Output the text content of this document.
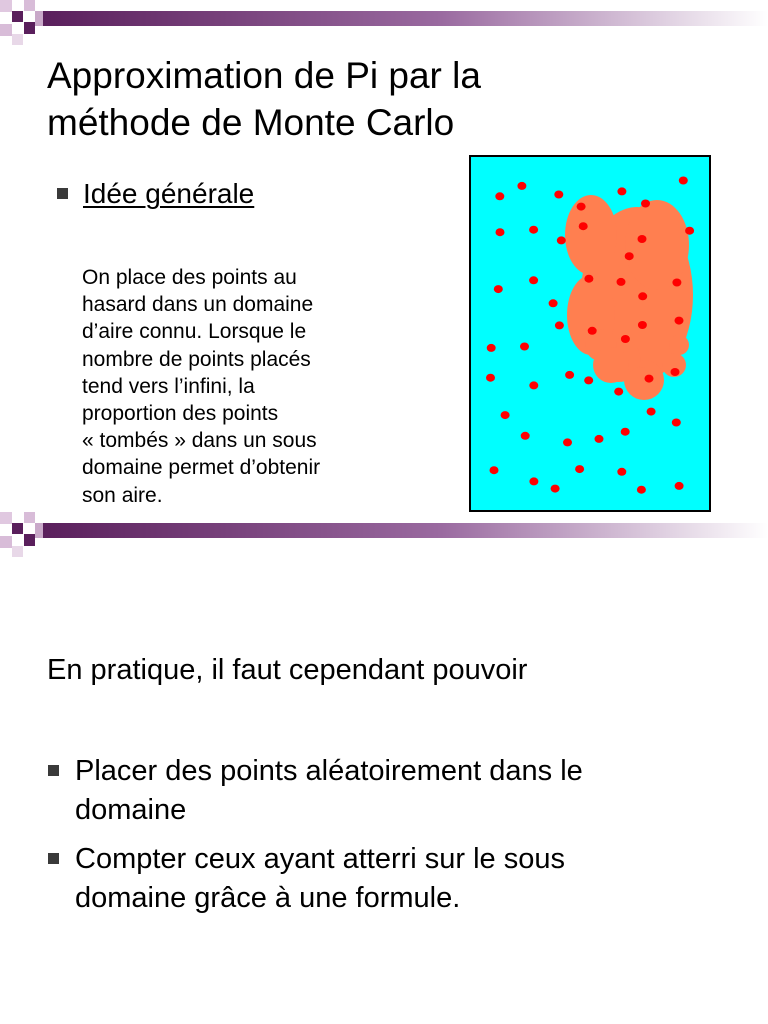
Approximation de Pi par la
méthode de Monte Carlo
Idée générale
On place des points au
hasard dans un domaine
d’aire connu. Lorsque le
nombre de points placés
tend vers l’infini, la
proportion des points
« tombés » dans un sous
domaine permet d’obtenir
son aire.
En pratique, il faut cependant pouvoir
Placer des points aléatoirement dans le
domaine
Compter ceux ayant atterri sur le sous
domaine grâce à une formule.
